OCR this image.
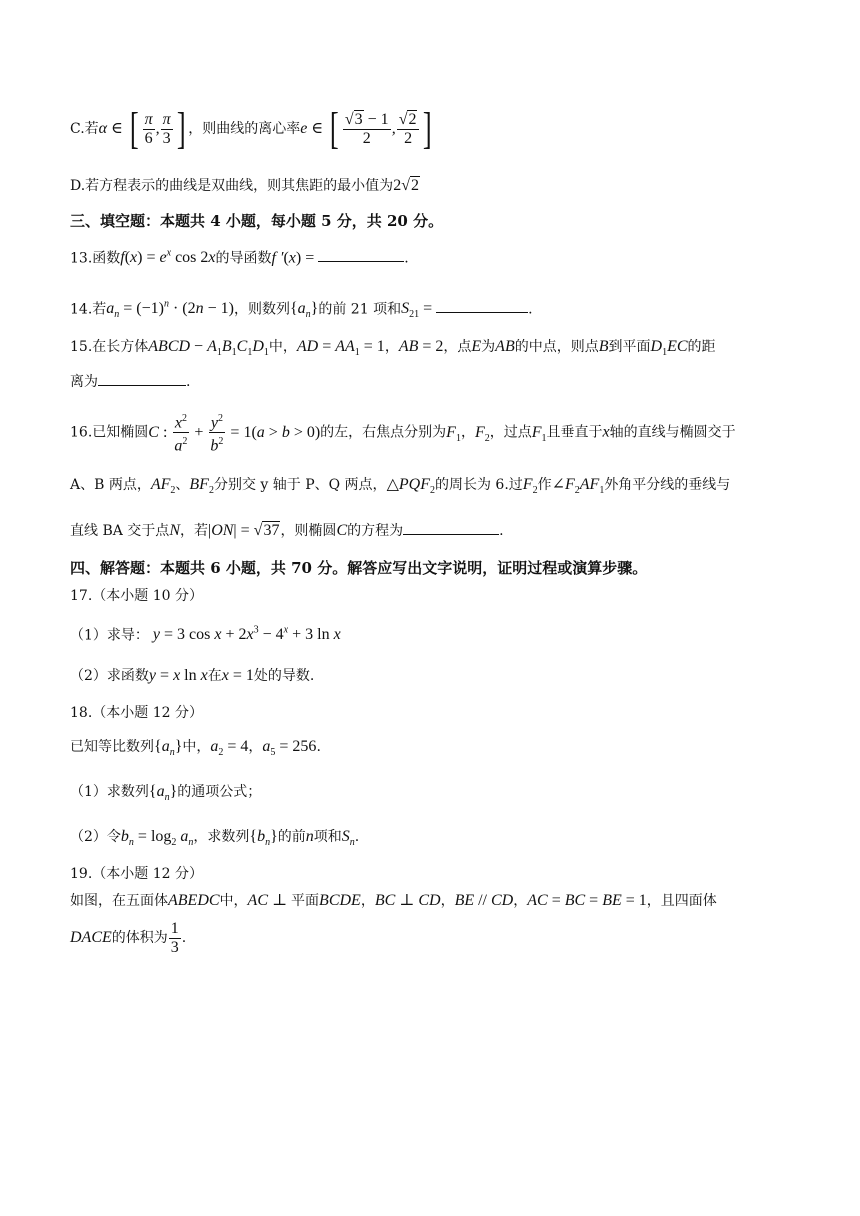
C.若α ∈ [ $\frac{\pi}{6}$ , $\frac{\pi}{3}$ ] ，则曲线的离心率e ∈ [ $\frac{√3 - 1}{2}$ , $\frac{√2}{2}$ ]
D.若方程表示的曲线是双曲线，则其焦距的最小值为2√2
三、填空题：本题共 4 小题，每小题 5 分，共 20 分。
13.函数$f(x) = e^x$ cos 2x的导函数f ′(x) =	.
14.若$a_n = (-1)^n \cdot (2n - 1)$，则数列$\{a_n\}$的前 21 项和$S_{21}$ =	.
15.在长方体ABCD − $A_1B_1C_1D_1$中，AD = $AA_1 = 1$，AB = 2，点E为AB的中点，则点B到平面$D_1EC$的距
离为	.
16.已知椭圆C : $\frac{x^2}{a^2} + \frac{y^2}{b^2} = 1(a > b > 0)$的左，右焦点分别为$F_1$，$F_2$，过点$F_1$且垂直于x轴的直线与椭圆交于
A、B 两点，$AF_2$、$BF_2$分别交 y 轴于 P、Q 两点，$\triangle PQF_2$的周长为 6.过$F_2$作$\angle F_2AF_1$外角平分线的垂线与
直线 BA 交于点N，若|ON| = √37，则椭圆C的方程为	.
四、解答题：本题共 6 小题，共 70 分。解答应写出文字说明，证明过程或演算步骤。
17.（本小题 10 分）
（1）求导： y = 3 $\cos x + 2x^3 - 4^x + 3$ ln x
（2）求函数y = x ln x在x = 1处的导数.
18.（本小题 12 分）
已知等比数列$\{a_n\}$中，$a_2 = 4$，$a_5 = 256$.
（1）求数列$\{a_n\}$的通项公式；
（2）令$b_n = \log_2 a_n$，求数列$\{b_n\}$的前n项和$S_n$.
19.（本小题 12 分）
如图，在五面体ABEDC中，AC ⊥ 平面BCDE，BC ⊥ CD，BE // CD，AC = BC = BE = 1，且四面体
DACE的体积为 $\frac{1}{3}$ .
